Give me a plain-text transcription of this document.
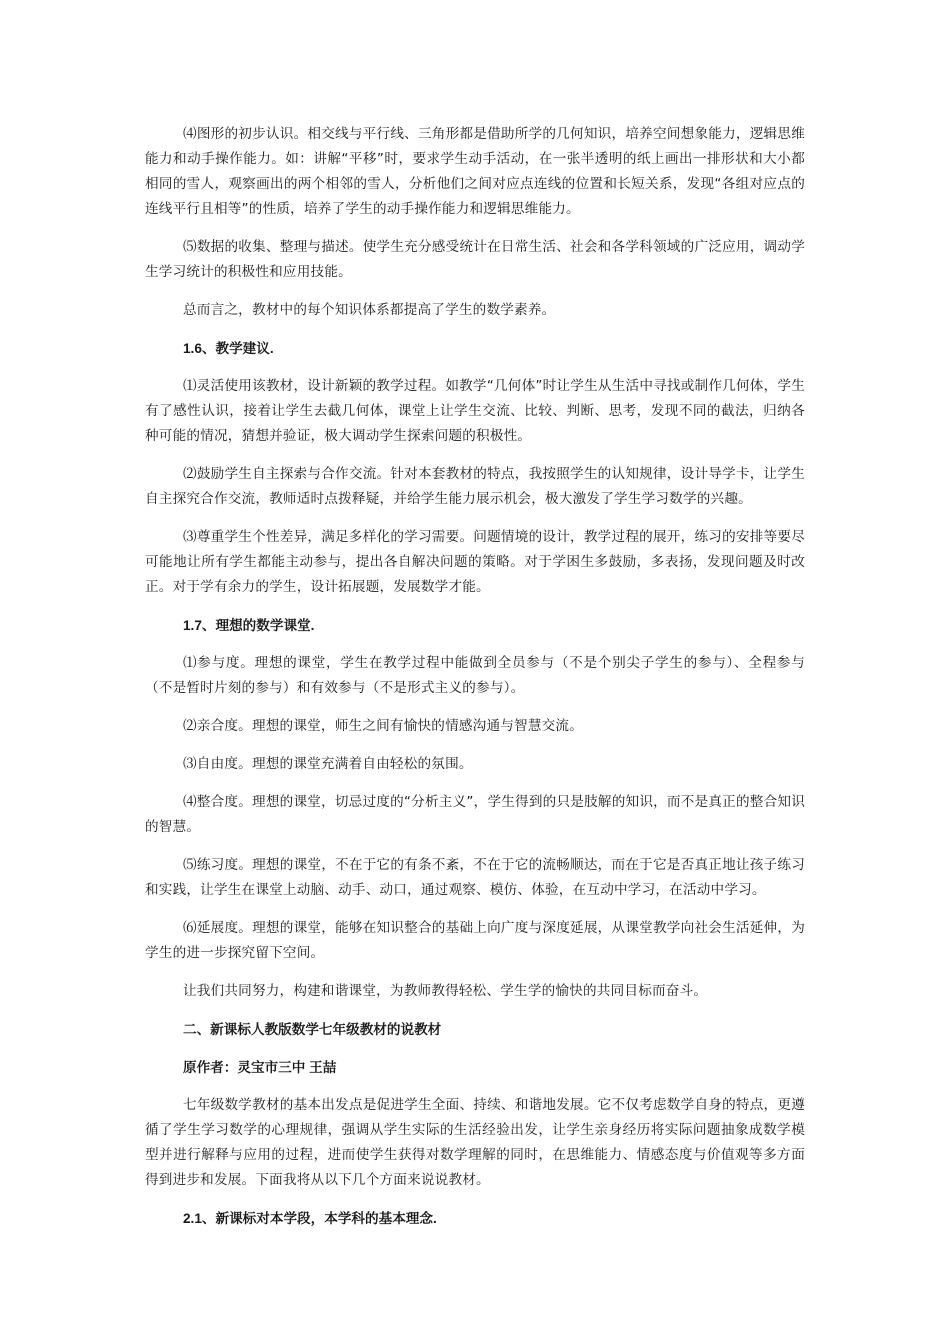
⑷图形的初步认识。相交线与平行线、三角形都是借助所学的几何知识，培养空间想象能力，逻辑思维能力和动手操作能力。如：讲解“平移”时，要求学生动手活动，在一张半透明的纸上画出一排形状和大小都相同的雪人，观察画出的两个相邻的雪人，分析他们之间对应点连线的位置和长短关系，发现“各组对应点的连线平行且相等”的性质，培养了学生的动手操作能力和逻辑思维能力。

⑸数据的收集、整理与描述。使学生充分感受统计在日常生活、社会和各学科领域的广泛应用，调动学生学习统计的积极性和应用技能。

总而言之，教材中的每个知识体系都提高了学生的数学素养。

1.6、教学建议.

⑴灵活使用该教材，设计新颖的教学过程。如教学“几何体”时让学生从生活中寻找或制作几何体，学生有了感性认识，接着让学生去截几何体，课堂上让学生交流、比较、判断、思考，发现不同的截法，归纳各种可能的情况，猜想并验证，极大调动学生探索问题的积极性。

⑵鼓励学生自主探索与合作交流。针对本套教材的特点，我按照学生的认知规律，设计导学卡，让学生自主探究合作交流，教师适时点拨释疑，并给学生能力展示机会，极大激发了学生学习数学的兴趣。

⑶尊重学生个性差异，满足多样化的学习需要。问题情境的设计，教学过程的展开，练习的安排等要尽可能地让所有学生都能主动参与，提出各自解决问题的策略。对于学困生多鼓励，多表扬，发现问题及时改正。对于学有余力的学生，设计拓展题，发展数学才能。

1.7、理想的数学课堂.

⑴参与度。理想的课堂，学生在教学过程中能做到全员参与（不是个别尖子学生的参与）、全程参与（不是暂时片刻的参与）和有效参与（不是形式主义的参与）。

⑵亲合度。理想的课堂，师生之间有愉快的情感沟通与智慧交流。

⑶自由度。理想的课堂充满着自由轻松的氛围。

⑷整合度。理想的课堂，切忌过度的“分析主义”，学生得到的只是肢解的知识，而不是真正的整合知识的智慧。

⑸练习度。理想的课堂，不在于它的有条不紊，不在于它的流畅顺达，而在于它是否真正地让孩子练习和实践，让学生在课堂上动脑、动手、动口，通过观察、模仿、体验，在互动中学习，在活动中学习。

⑹延展度。理想的课堂，能够在知识整合的基础上向广度与深度延展，从课堂教学向社会生活延伸，为学生的进一步探究留下空间。

让我们共同努力，构建和谐课堂，为教师教得轻松、学生学的愉快的共同目标而奋斗。

二、新课标人教版数学七年级教材的说教材

原作者：灵宝市三中 王喆

七年级数学教材的基本出发点是促进学生全面、持续、和谐地发展。它不仅考虑数学自身的特点，更遵循了学生学习数学的心理规律，强调从学生实际的生活经验出发，让学生亲身经历将实际问题抽象成数学模型并进行解释与应用的过程，进而使学生获得对数学理解的同时，在思维能力、情感态度与价值观等多方面得到进步和发展。下面我将从以下几个方面来说说教材。

2.1、新课标对本学段，本学科的基本理念.
